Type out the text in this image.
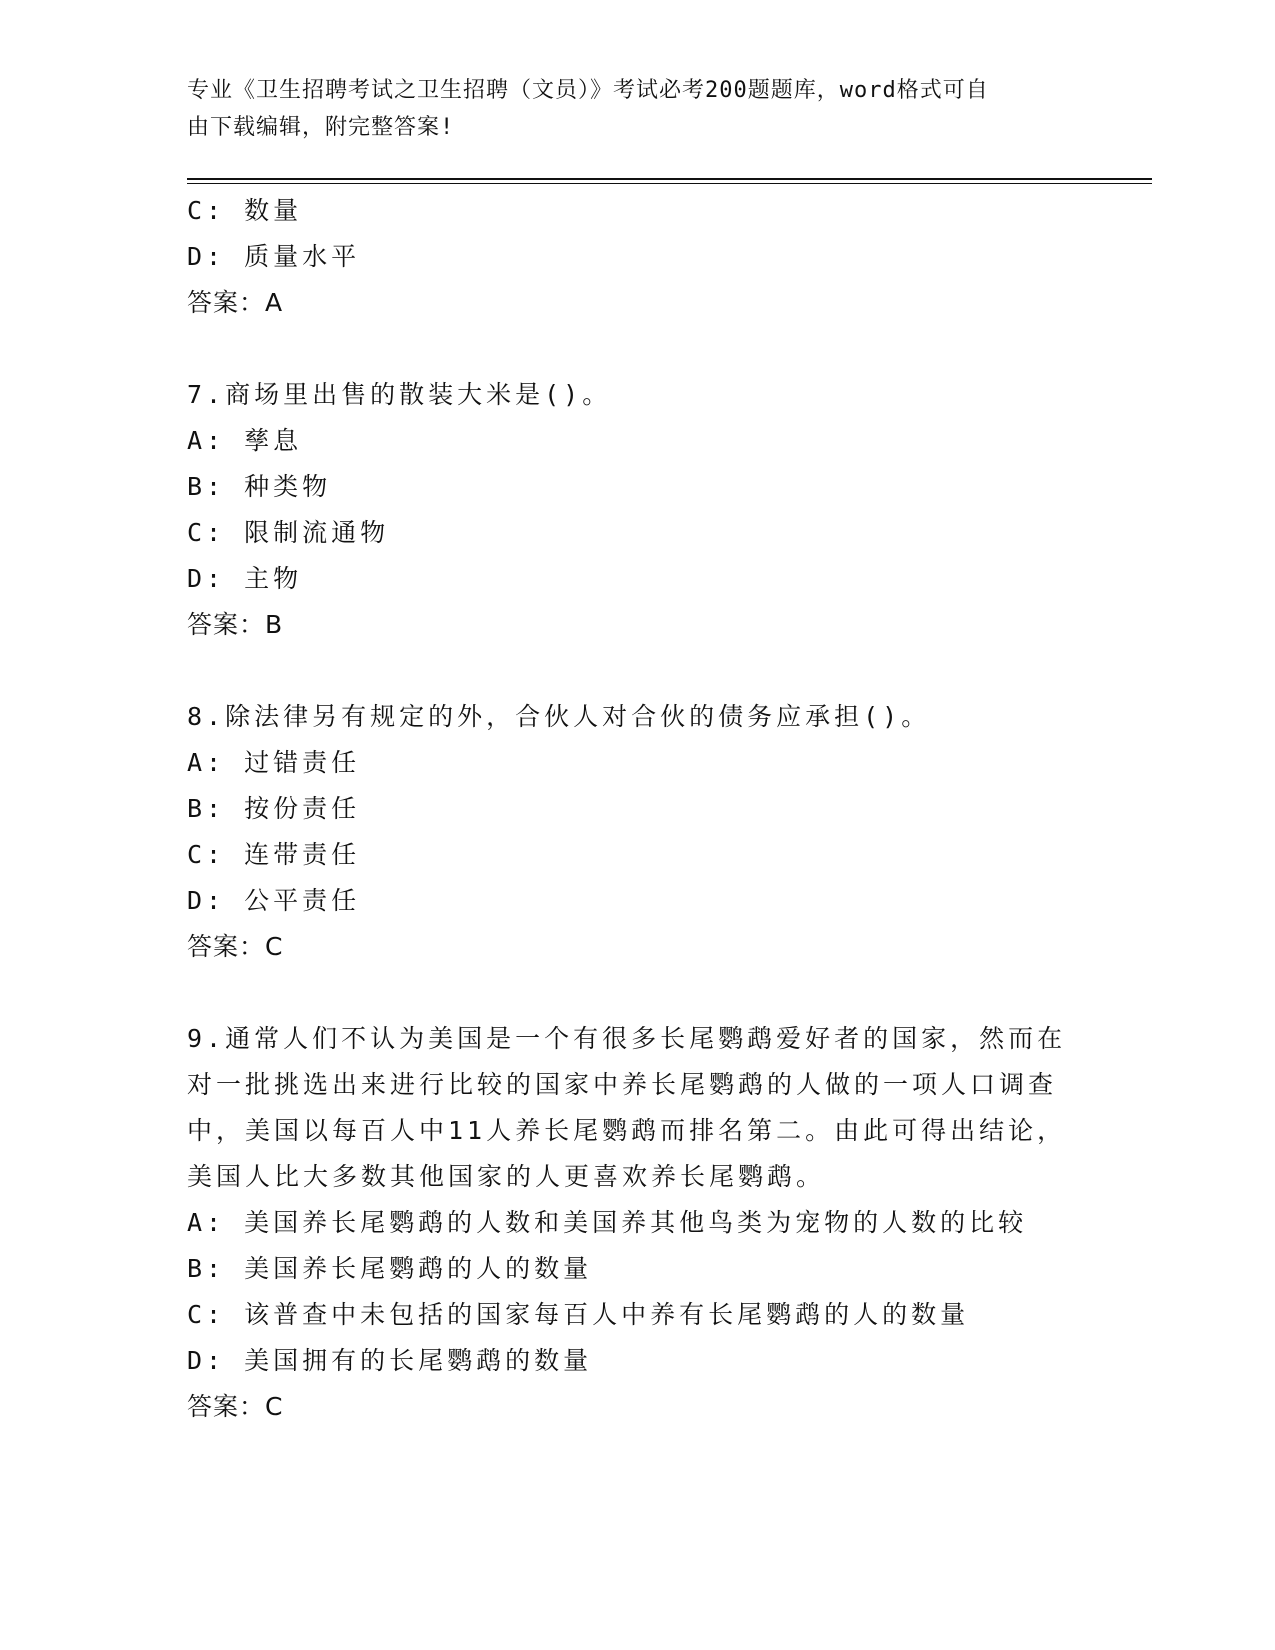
专业《卫生招聘考试之卫生招聘（文员）》考试必考200题题库，word格式可自
由下载编辑，附完整答案!
C: 数量
D: 质量水平
答案：A
7.商场里出售的散装大米是()。
A: 孳息
B: 种类物
C: 限制流通物
D: 主物
答案：B
8.除法律另有规定的外，合伙人对合伙的债务应承担()。
A: 过错责任
B: 按份责任
C: 连带责任
D: 公平责任
答案：C
9.通常人们不认为美国是一个有很多长尾鹦鹉爱好者的国家，然而在
对一批挑选出来进行比较的国家中养长尾鹦鹉的人做的一项人口调查
中，美国以每百人中11人养长尾鹦鹉而排名第二。由此可得出结论，
美国人比大多数其他国家的人更喜欢养长尾鹦鹉。
A: 美国养长尾鹦鹉的人数和美国养其他鸟类为宠物的人数的比较
B: 美国养长尾鹦鹉的人的数量
C: 该普查中未包括的国家每百人中养有长尾鹦鹉的人的数量
D: 美国拥有的长尾鹦鹉的数量
答案：C
